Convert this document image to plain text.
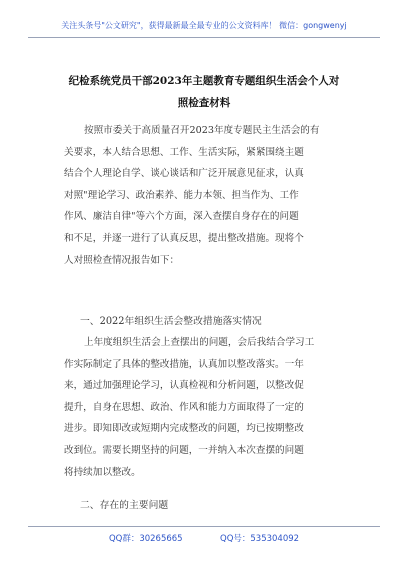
关注头条号"公文研究"，获得最新最全最专业的公文资料库！ 微信：gongwenyj
纪检系统党员干部2023年主题教育专题组织生活会个人对
照检查材料
按照市委关于高质量召开2023年度专题民主生活会的有
关要求，本人结合思想、工作、生活实际，紧紧围绕主题
结合个人理论自学、谈心谈话和广泛开展意见征求，认真
对照"理论学习、政治素养、能力本领、担当作为、工作
作风、廉洁自律"等六个方面，深入查摆自身存在的问题
和不足，并逐一进行了认真反思，提出整改措施。现将个
人对照检查情况报告如下：
一、2022年组织生活会整改措施落实情况
上年度组织生活会上查摆出的问题，会后我结合学习工
作实际制定了具体的整改措施，认真加以整改落实。一年
来，通过加强理论学习，认真检视和分析问题，以整改促
提升，自身在思想、政治、作风和能力方面取得了一定的
进步。即知即改或短期内完成整改的问题，均已按期整改
改到位。需要长期坚持的问题，一并纳入本次查摆的问题
将持续加以整改。
二、存在的主要问题
QQ群：30265665	QQ号：535304092
